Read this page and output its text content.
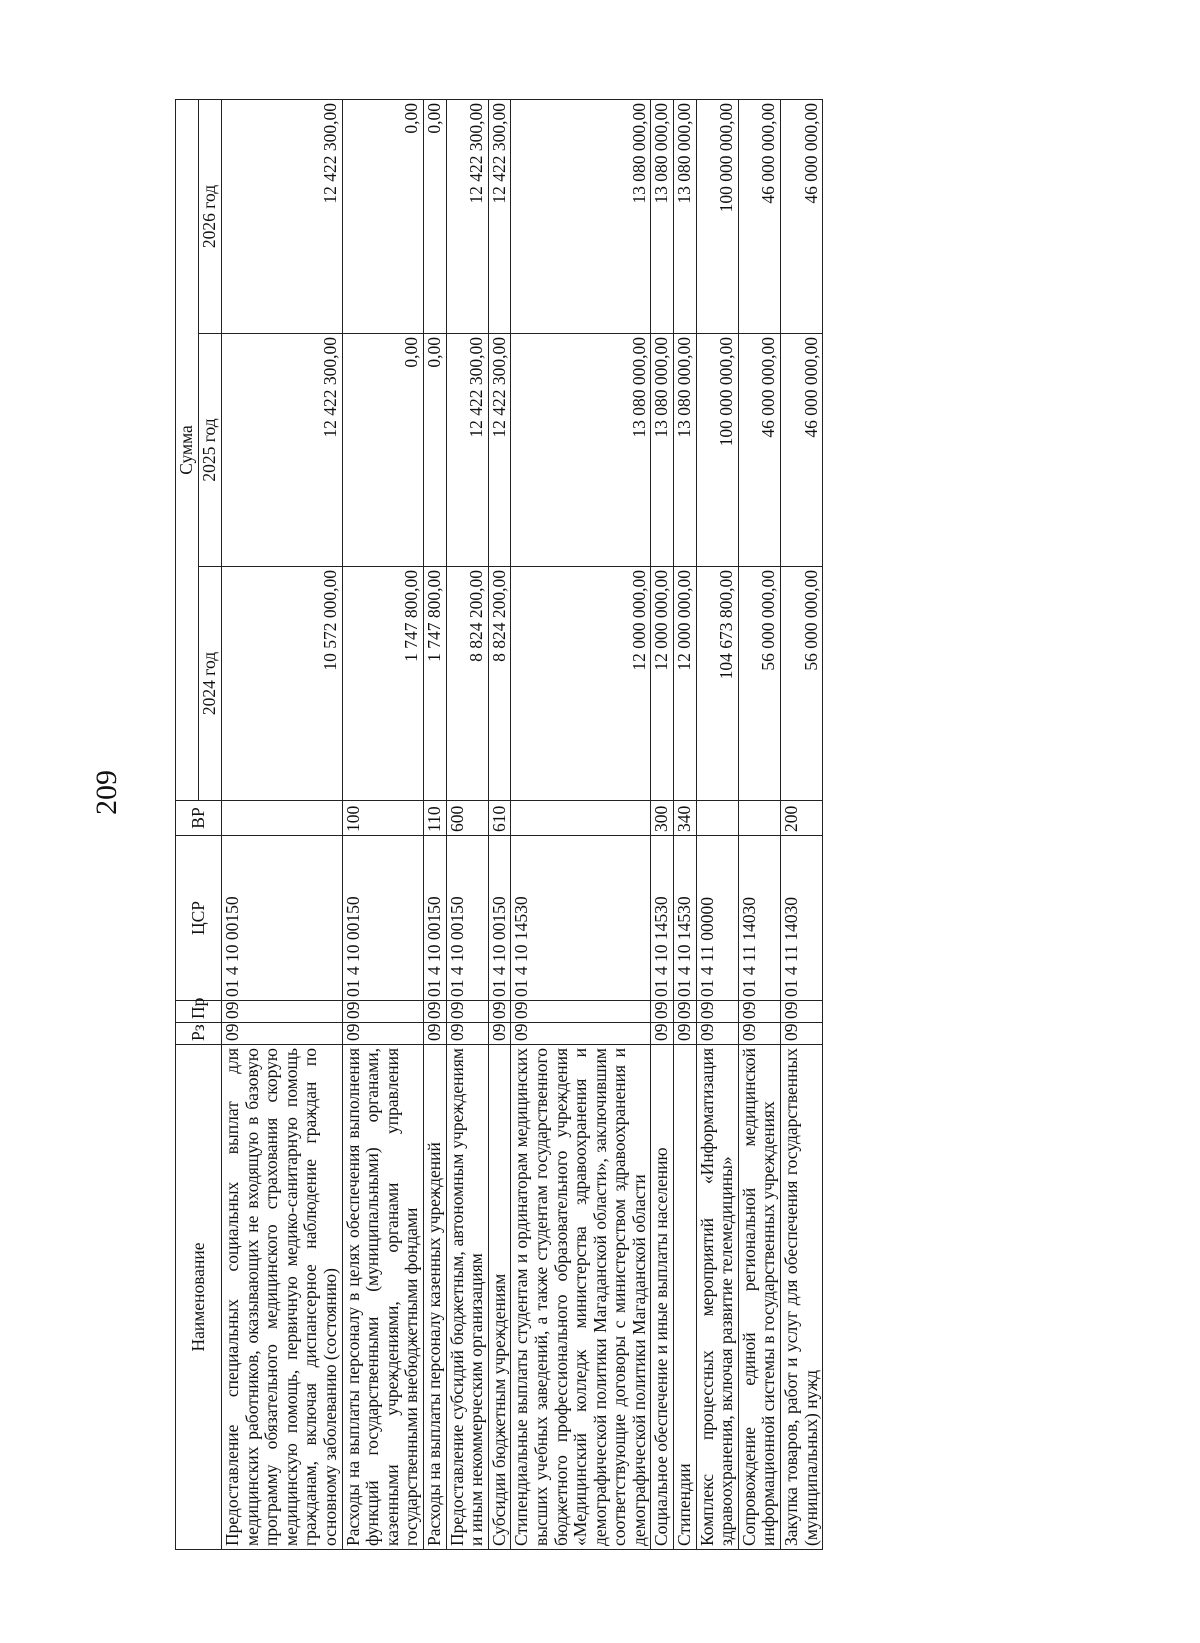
209
Наименование	Рз	Пр	ЦСР	ВР	Сумма		
					2024 год	2025 год	2026 год
Предоставление специальных социальных выплат для медицинских работников, оказывающих не входящую в базовую программу обязательного медицинского страхования скорую медицинскую помощь, первичную медико-санитарную помощь гражданам, включая диспансерное наблюдение граждан по основному заболеванию (состоянию)	09	09	01 4 10 00150		10 572 000,00	12 422 300,00	12 422 300,00
Расходы на выплаты персоналу в целях обеспечения выполнения функций государственными (муниципальными) органами, казенными учреждениями, органами управления государственными внебюджетными фондами	09	09	01 4 10 00150	100	1 747 800,00	0,00	0,00
Расходы на выплаты персоналу казенных учреждений	09	09	01 4 10 00150	110	1 747 800,00	0,00	0,00
Предоставление субсидий бюджетным, автономным учреждениям и иным некоммерческим организациям	09	09	01 4 10 00150	600	8 824 200,00	12 422 300,00	12 422 300,00
Субсидии бюджетным учреждениям	09	09	01 4 10 00150	610	8 824 200,00	12 422 300,00	12 422 300,00
Стипендиальные выплаты студентам и ординаторам медицинских высших учебных заведений, а также студентам государственного бюджетного профессионального образовательного учреждения «Медицинский колледж министерства здравоохранения и демографической политики Магаданской области», заключившим соответствующие договоры с министерством здравоохранения и демографической политики Магаданской области	09	09	01 4 10 14530		12 000 000,00	13 080 000,00	13 080 000,00
Социальное обеспечение и иные выплаты населению	09	09	01 4 10 14530	300	12 000 000,00	13 080 000,00	13 080 000,00
Стипендии	09	09	01 4 10 14530	340	12 000 000,00	13 080 000,00	13 080 000,00
Комплекс процессных мероприятий «Информатизация здравоохранения, включая развитие телемедицины»	09	09	01 4 11 00000		104 673 800,00	100 000 000,00	100 000 000,00
Сопровождение единой региональной медицинской информационной системы в государственных учреждениях	09	09	01 4 11 14030		56 000 000,00	46 000 000,00	46 000 000,00
Закупка товаров, работ и услуг для обеспечения государственных (муниципальных) нужд	09	09	01 4 11 14030	200	56 000 000,00	46 000 000,00	46 000 000,00
